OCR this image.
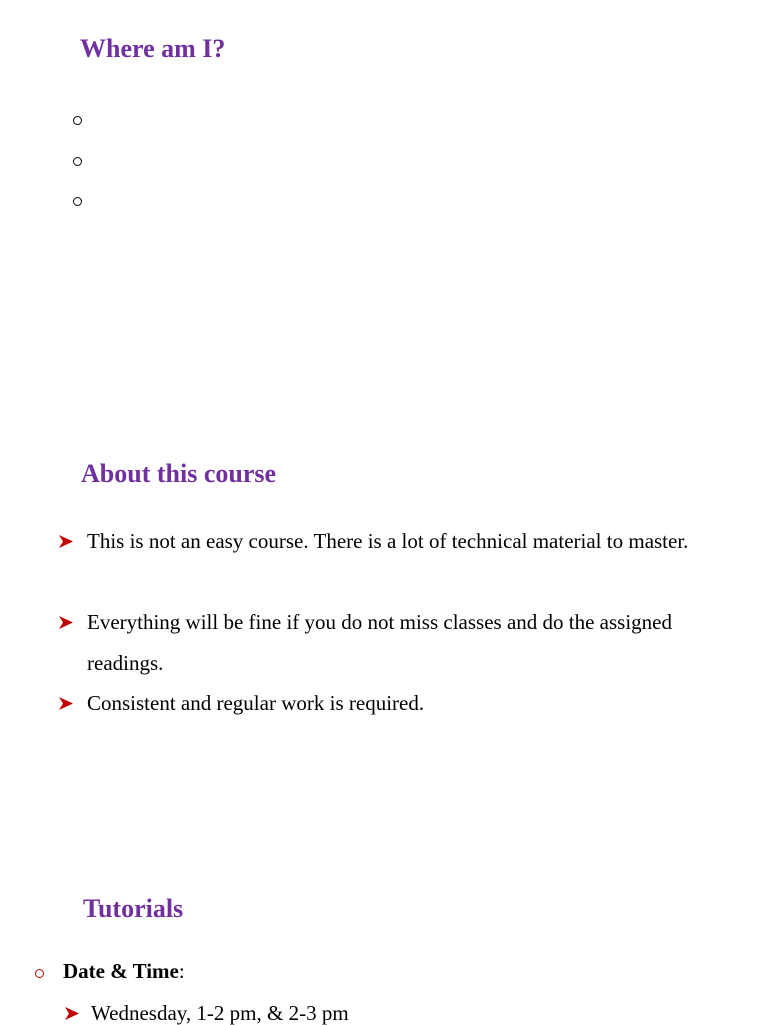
Where am I?
About this course
This is not an easy course. There is a lot of technical material to master.
Everything will be fine if you do not miss classes and do the assigned readings.
Consistent and regular work is required.
Tutorials
Date & Time:
Wednesday, 1-2 pm, & 2-3 pm
